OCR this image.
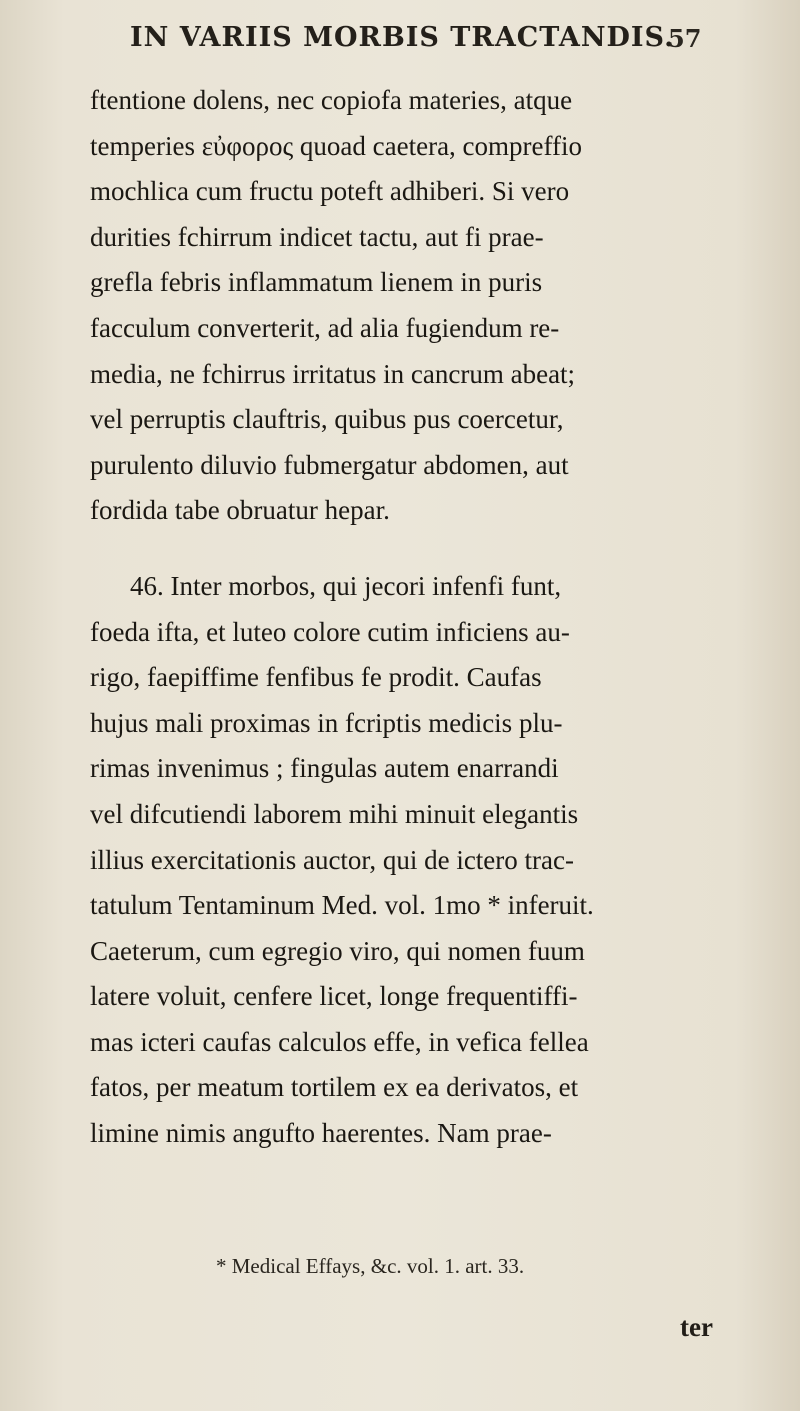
IN VARIIS MORBIS TRACTANDIS.
57
ftentione dolens, nec copiofa materies, atque
temperies εὐφορος quoad caetera, compreffio
mochlica cum fructu poteft adhiberi. Si vero
durities fchirrum indicet tactu, aut fi prae-
grefla febris inflammatum lienem in puris
facculum converterit, ad alia fugiendum re-
media, ne fchirrus irritatus in cancrum abeat;
vel perruptis clauftris, quibus pus coercetur,
purulento diluvio fubmergatur abdomen, aut
fordida tabe obruatur hepar.
46. Inter morbos, qui jecori infenfi funt,
foeda ifta, et luteo colore cutim inficiens au-
rigo, faepiffime fenfibus fe prodit. Caufas
hujus mali proximas in fcriptis medicis plu-
rimas invenimus ; fingulas autem enarrandi
vel difcutiendi laborem mihi minuit elegantis
illius exercitationis auctor, qui de ictero trac-
tatulum Tentaminum Med. vol. 1mo * inferuit.
Caeterum, cum egregio viro, qui nomen fuum
latere voluit, cenfere licet, longe frequentiffi-
mas icteri caufas calculos effe, in vefica fellea
fatos, per meatum tortilem ex ea derivatos, et
limine nimis angufto haerentes. Nam prae-
* Medical Effays, &c. vol. 1. art. 33.
ter
